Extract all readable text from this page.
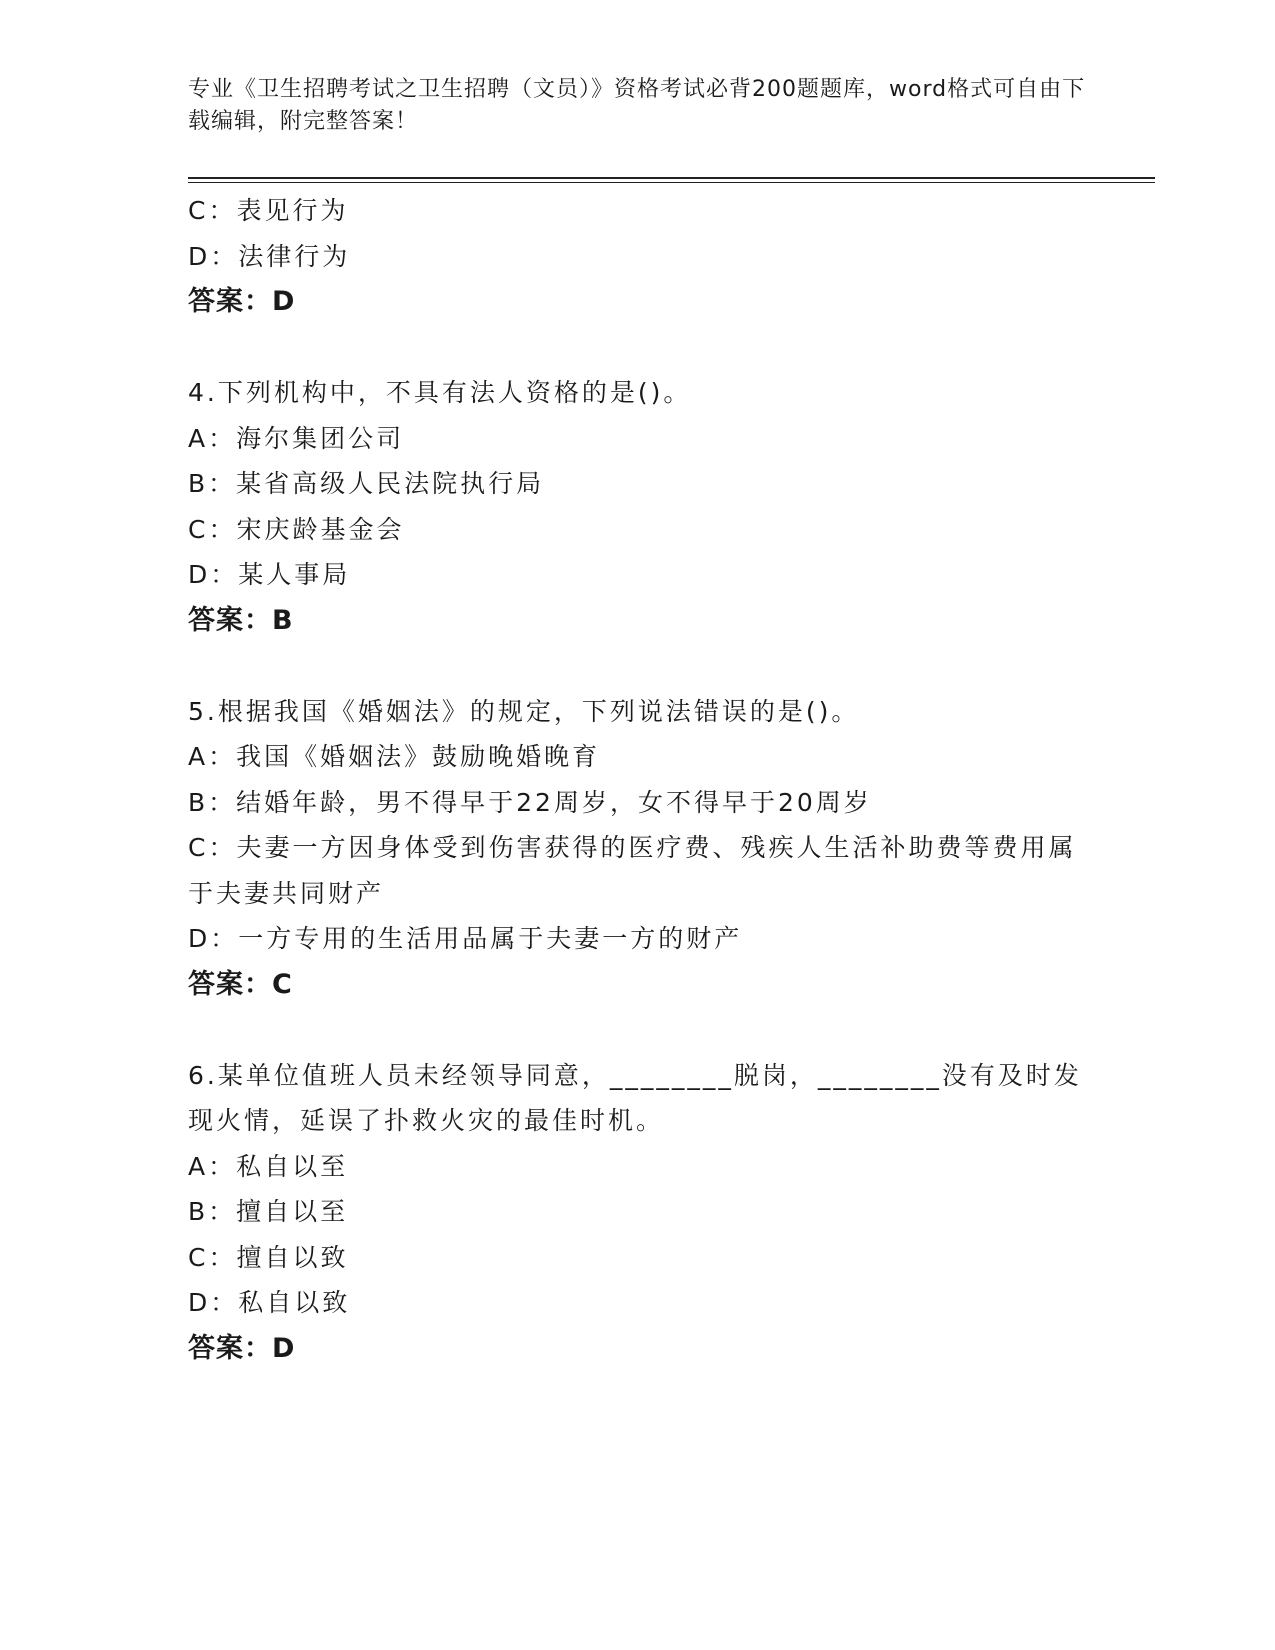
专业《卫生招聘考试之卫生招聘（文员）》资格考试必背200题题库，word格式可自由下载编辑，附完整答案！
C：表见行为
D：法律行为
答案：D
4.下列机构中，不具有法人资格的是()。
A：海尔集团公司
B：某省高级人民法院执行局
C：宋庆龄基金会
D：某人事局
答案：B
5.根据我国《婚姻法》的规定，下列说法错误的是()。
A：我国《婚姻法》鼓励晚婚晚育
B：结婚年龄，男不得早于22周岁，女不得早于20周岁
C：夫妻一方因身体受到伤害获得的医疗费、残疾人生活补助费等费用属于夫妻共同财产
D：一方专用的生活用品属于夫妻一方的财产
答案：C
6.某单位值班人员未经领导同意，________脱岗，________没有及时发现火情，延误了扑救火灾的最佳时机。
A：私自以至
B：擅自以至
C：擅自以致
D：私自以致
答案：D
